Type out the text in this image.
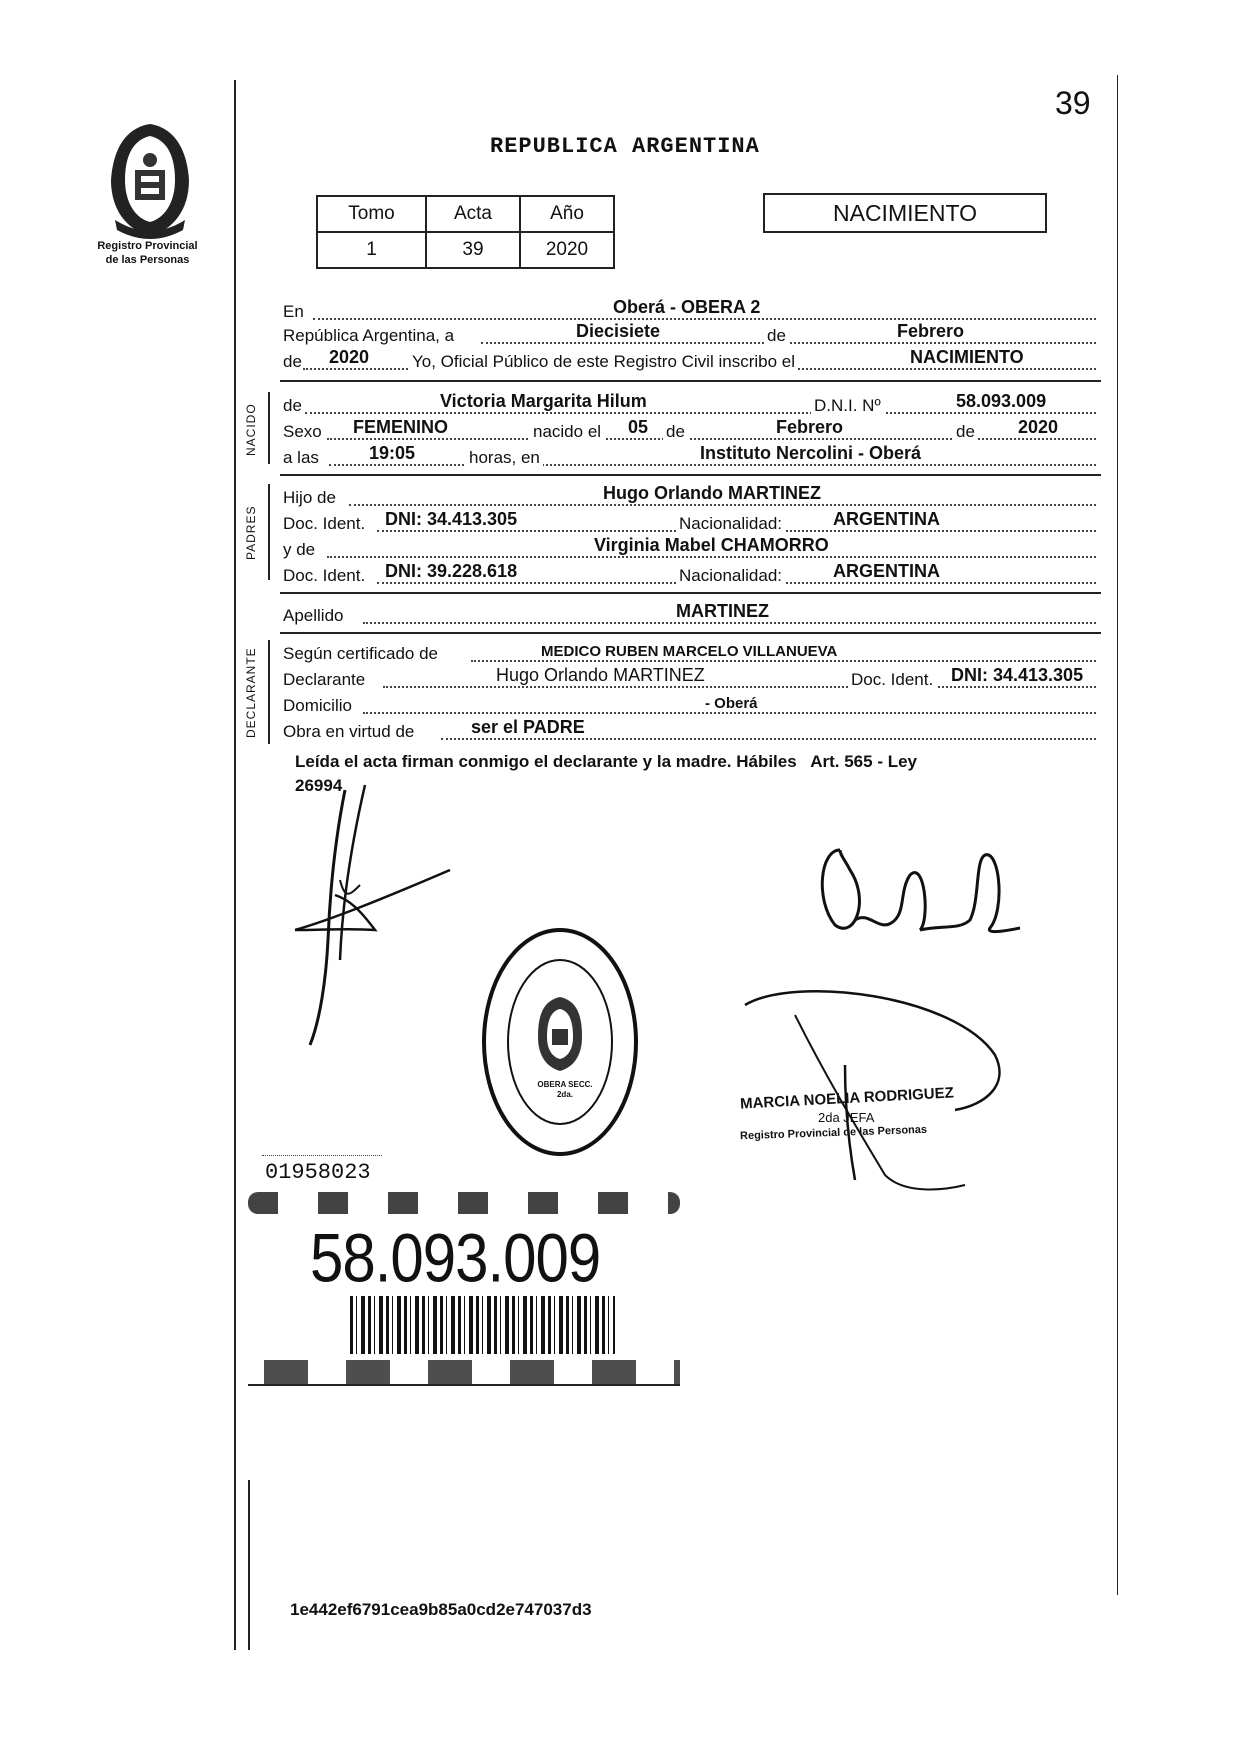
39
Registro Provincial
de las Personas
REPUBLICA ARGENTINA
Tomo	Acta	Año
1	39	2020
NACIMIENTO
En	Oberá - OBERA 2
República Argentina, a	Diecisiete	de	Febrero
de 2020	Yo, Oficial Público de este Registro Civil inscribo el	NACIMIENTO
NACIDO de	Victoria Margarita Hilum	D.N.I. Nº	58.093.009
Sexo FEMENINO	nacido el 05 de	Febrero	de 2020
a las	19:05	horas, en	Instituto Nercolini - Oberá
PADRES
Hijo de	Hugo Orlando MARTINEZ
Doc. Ident. DNI: 34.413.305	Nacionalidad:	ARGENTINA
y de	Virginia Mabel CHAMORRO
Doc. Ident. DNI: 39.228.618	Nacionalidad:	ARGENTINA
Apellido	MARTINEZ
DECLARANTE Según certificado de	MEDICO RUBEN MARCELO VILLANUEVA
Declarante	Hugo Orlando MARTINEZ	Doc. Ident. DNI: 34.413.305
Domicilio	- Oberá
Obra en virtud de	ser el PADRE
Leída el acta firman conmigo el declarante y la madre. Hábiles   Art. 565 - Ley
26994
OBERA SECC. 2da.	MARCIA NOELIA RODRIGUEZ
2da JEFA
Registro Provincial de las Personas
01958023
58.093.009
1e442ef6791cea9b85a0cd2e747037d3
